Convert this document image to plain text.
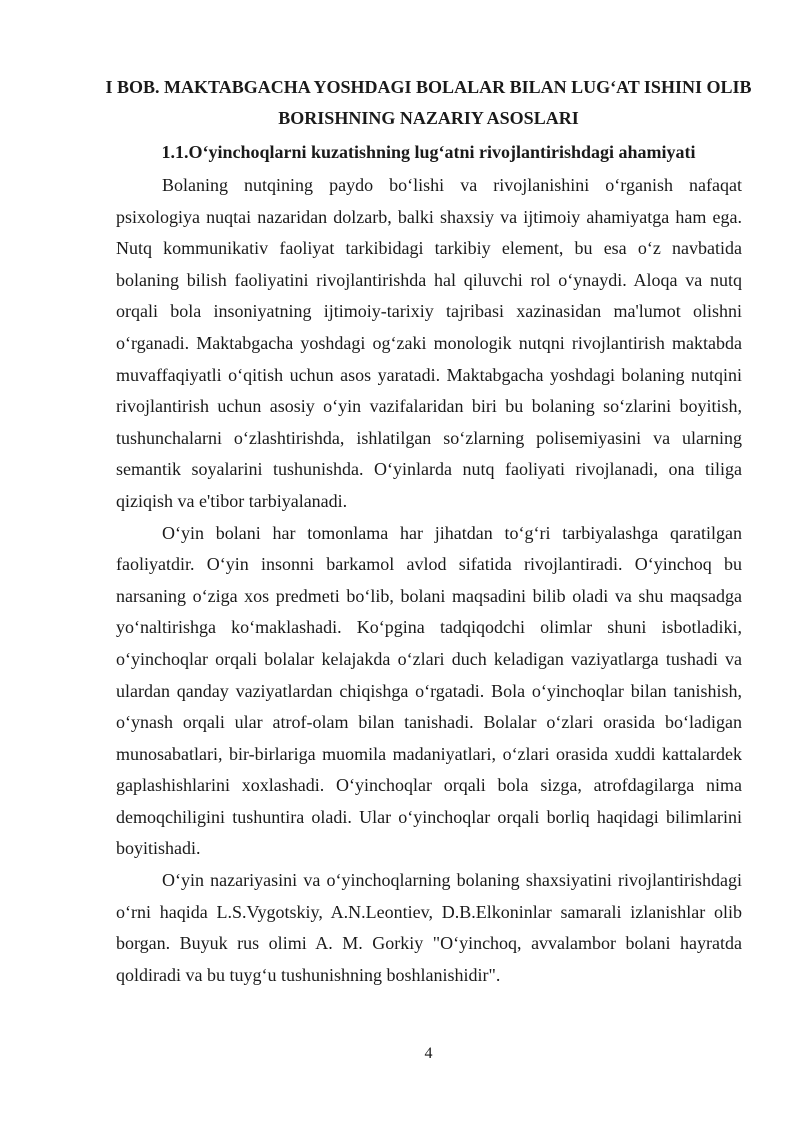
I BOB. MAKTABGACHA YOSHDAGI BOLALAR BILAN LUG‘AT ISHINI OLIB BORISHNING NAZARIY ASOSLARI
1.1.O‘yinchoqlarni kuzatishning lug‘atni rivojlantirishdagi ahamiyati

Bolaning nutqining paydo bo‘lishi va rivojlanishini o‘rganish nafaqat psixologiya nuqtai nazaridan dolzarb, balki shaxsiy va ijtimoiy ahamiyatga ham ega. Nutq kommunikativ faoliyat tarkibidagi tarkibiy element, bu esa o‘z navbatida bolaning bilish faoliyatini rivojlantirishda hal qiluvchi rol o‘ynaydi. Aloqa va nutq orqali bola insoniyatning ijtimoiy-tarixiy tajribasi xazinasidan ma'lumot olishni o‘rganadi. Maktabgacha yoshdagi og‘zaki monologik nutqni rivojlantirish maktabda muvaffaqiyatli o‘qitish uchun asos yaratadi. Maktabgacha yoshdagi bolaning nutqini rivojlantirish uchun asosiy o‘yin vazifalaridan biri bu bolaning so‘zlarini boyitish, tushunchalarni o‘zlashtirishda, ishlatilgan so‘zlarning polisemiyasini va ularning semantik soyalarini tushunishda. O‘yinlarda nutq faoliyati rivojlanadi, ona tiliga qiziqish va e'tibor tarbiyalanadi.

O‘yin bolani har tomonlama har jihatdan to‘g‘ri tarbiyalashga qaratilgan faoliyatdir. O‘yin insonni barkamol avlod sifatida rivojlantiradi. O‘yinchoq bu narsaning o‘ziga xos predmeti bo‘lib, bolani maqsadini bilib oladi va shu maqsadga yo‘naltirishga ko‘maklashadi. Ko‘pgina tadqiqodchi olimlar shuni isbotladiki, o‘yinchoqlar orqali bolalar kelajakda o‘zlari duch keladigan vaziyatlarga tushadi va ulardan qanday vaziyatlardan chiqishga o‘rgatadi. Bola o‘yinchoqlar bilan tanishish, o‘ynash orqali ular atrof-olam bilan tanishadi. Bolalar o‘zlari orasida bo‘ladigan munosabatlari, bir-birlariga muomila madaniyatlari, o‘zlari orasida xuddi kattalardek gaplashishlarini xoxlashadi. O‘yinchoqlar orqali bola sizga, atrofdagilarga nima demoqchiligini tushuntira oladi. Ular o‘yinchoqlar orqali borliq haqidagi bilimlarini boyitishadi.

O‘yin nazariyasini va o‘yinchoqlarning bolaning shaxsiyatini rivojlantirishdagi o‘rni haqida L.S.Vygotskiy, A.N.Leontiev, D.B.Elkoninlar samarali izlanishlar olib borgan. Buyuk rus olimi A. M. Gorkiy "O‘yinchoq, avvalambor bolani hayratda qoldiradi va bu tuyg‘u tushunishning boshlanishidir".

4
